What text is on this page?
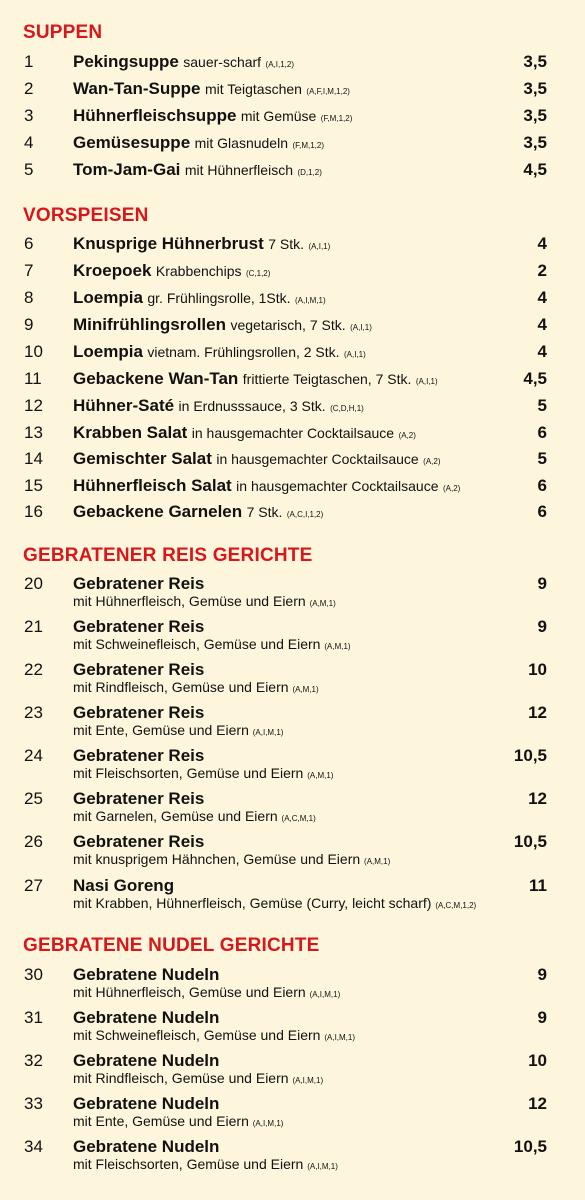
SUPPEN
1 Pekingsuppe sauer-scharf (A,I,1,2)	3,5
2 Wan-Tan-Suppe mit Teigtaschen (A,F,I,M,1,2)	3,5
3 Hühnerfleischsuppe mit Gemüse (F,M,1,2)	3,5
4 Gemüsesuppe mit Glasnudeln (F,M,1,2)	3,5
5 Tom-Jam-Gai mit Hühnerfleisch (D,1,2)	4,5
VORSPEISEN
6 Knusprige Hühnerbrust 7 Stk. (A,I,1)	4
7 Kroepoek Krabbenchips (C,1,2)	2
8 Loempia gr. Frühlingsrolle, 1Stk. (A,I,M,1)	4
9 Minifrühlingsrollen vegetarisch, 7 Stk. (A,I,1)	4
10 Loempia vietnam. Frühlingsrollen, 2 Stk. (A,I,1)	4
11 Gebackene Wan-Tan frittierte Teigtaschen, 7 Stk. (A,I,1)	4,5
12 Hühner-Saté in Erdnusssauce, 3 Stk. (C,D,H,1)	5
13 Krabben Salat in hausgemachter Cocktailsauce (A,2)	6
14 Gemischter Salat in hausgemachter Cocktailsauce (A,2)	5
15 Hühnerfleisch Salat in hausgemachter Cocktailsauce (A,2)	6
16 Gebackene Garnelen 7 Stk. (A,C,I,1,2)	6
GEBRATENER REIS GERICHTE
20 Gebratener Reis	9
mit Hühnerfleisch, Gemüse und Eiern (A,M,1)
21 Gebratener Reis	9
mit Schweinefleisch, Gemüse und Eiern (A,M,1)
22 Gebratener Reis	10
mit Rindfleisch, Gemüse und Eiern (A,M,1)
23 Gebratener Reis	12
mit Ente, Gemüse und Eiern (A,I,M,1)
24 Gebratener Reis	10,5
mit Fleischsorten, Gemüse und Eiern (A,M,1)
25 Gebratener Reis	12
mit Garnelen, Gemüse und Eiern (A,C,M,1)
26 Gebratener Reis	10,5
mit knusprigem Hähnchen, Gemüse und Eiern (A,M,1)
27 Nasi Goreng	11
mit Krabben, Hühnerfleisch, Gemüse (Curry, leicht scharf) (A,C,M,1,2)
GEBRATENE NUDEL GERICHTE
30 Gebratene Nudeln	9
mit Hühnerfleisch, Gemüse und Eiern (A,I,M,1)
31 Gebratene Nudeln	9
mit Schweinefleisch, Gemüse und Eiern (A,I,M,1)
32 Gebratene Nudeln	10
mit Rindfleisch, Gemüse und Eiern (A,I,M,1)
33 Gebratene Nudeln	12
mit Ente, Gemüse und Eiern (A,I,M,1)
34 Gebratene Nudeln	10,5
mit Fleischsorten, Gemüse und Eiern (A,I,M,1)
